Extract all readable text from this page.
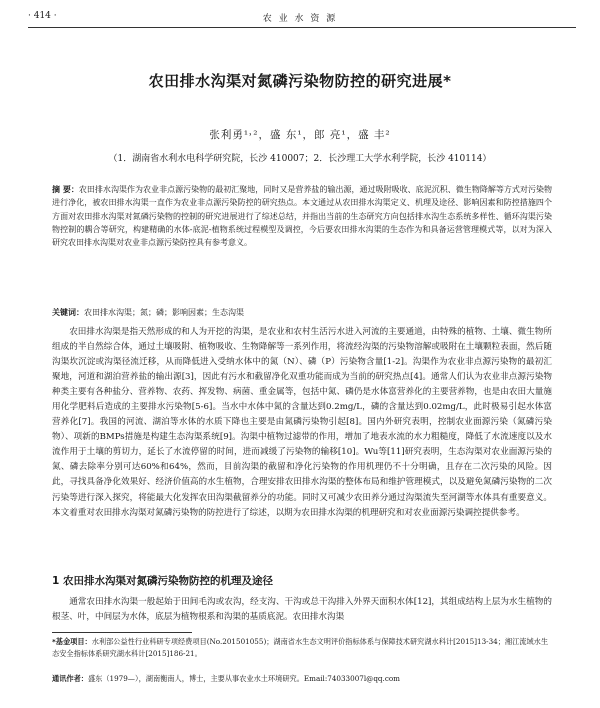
· 414 ·	农 业 水 资 源
农田排水沟渠对氮磷污染物防控的研究进展*
张利勇¹˒²，盛 东¹，郎 亮¹，盛 丰²
（1．湖南省水利水电科学研究院，长沙 410007；2．长沙理工大学水利学院，长沙 410114）
摘 要：农田排水沟渠作为农业非点源污染物的最初汇聚地，同时又是营养盐的输出源，通过吸附吸收、底泥沉积、微生物降解等方式对污染物进行净化，被农田排水沟渠一直作为农业非点源污染防控的研究热点。本文通过从农田排水沟渠定义、机理及途径、影响因素和防控措施四个方面对农田排水沟渠对氮磷污染物的控制的研究进展进行了综述总结，并指出当前的生态研究方向包括排水沟生态系统多样性、循环沟渠污染物控制的耦合等研究，构建精确的水体-底泥-植物系统过程模型及调控，今后要农田排水沟渠的生态作为和具备运营管理模式等，以对为深入研究农田排水沟渠对农业非点源污染防控具有参考意义。
关键词：农田排水沟渠；氮；磷；影响因素；生态沟渠
农田排水沟渠是指天然形成的和人为开挖的沟渠，是农业和农村生活污水进入河流的主要通道，由特殊的植物、土壤、微生物所组成的半自然综合体，通过土壤吸附、植物吸收、生物降解等一系列作用，将流经沟渠的污染物溶解或吸附在土壤颗粒表面，然后随沟渠坎沉淀或沟渠径流迁移，从而降低进入受纳水体中的氮（N）、磷（P）污染物含量[1-2]。沟渠作为农业非点源污染物的最初汇聚地，河道和湖泊营养盐的输出源[3]，因此有污水和截留净化双重功能而成为当前的研究热点[4]。通常人们认为农业非点源污染物种类主要有各种盐分、营养物、农药、挥发物、病菌、重金属等，包括中氮、磷仍是水体富营养化的主要营养物，也是由农田大量施用化学肥料后造成的主要排水污染物[5-6]。当水中水体中氮的含量达到0.2mg/L，磷的含量达到0.02mg/L，此时极易引起水体富营养化[7]。我国的河流、湖泊等水体的水质下降也主要是由氮磷污染物引起[8]。国内外研究表明，控制农业面源污染（氮磷污染物）、项新的BMPs措施是构建生态沟渠系统[9]。沟渠中植物过滤带的作用，增加了地表水流的水力粗糙度，降低了水流速度以及水流作用于土壤的剪切力，延长了水流停留的时间，进而减缓了污染物的输移[10]。Wu等[11]研究表明，生态沟渠对农业面源污染的氮、磷去除率分别可达60%和64%，然而，目前沟渠的截留和净化污染物的作用机理仍不十分明确，且存在二次污染的风险。因此，寻找具备净化效果好、经济价值高的水生植物，合理安排农田排水沟渠的整体布局和维护管理模式，以及避免氮磷污染物的二次污染等进行深入探究，将能最大化发挥农田沟渠截留养分的功能。同时又可减少农田养分通过沟渠流失至河湖等水体具有重要意义。本文着重对农田排水沟渠对氮磷污染物的防控进行了综述，以期为农田排水沟渠的机理研究和对农业面源污染调控提供参考。
1 农田排水沟渠对氮磷污染物防控的机理及途径
通常农田排水沟渠一般起始于田间毛沟或农沟，经支沟、干沟或总干沟排入外界天面积水体[12]，其组成结构上层为水生植物的根茎、叶，中间层为水体，底层为植物根系和沟渠的基质底泥。农田排水沟渠
*基金项目：水利部公益性行业科研专项经费项目(No.201501055)；湖南省水生态文明评价指标体系与保障技术研究湖水科计[2015]13-34；湘江流域水生态安全指标体系研究湖水科计[2015]186-21。
通讯作者：盛东（1979—），湖南衡南人，博士，主要从事农业水土环境研究。Email:74033007l@qq.com
